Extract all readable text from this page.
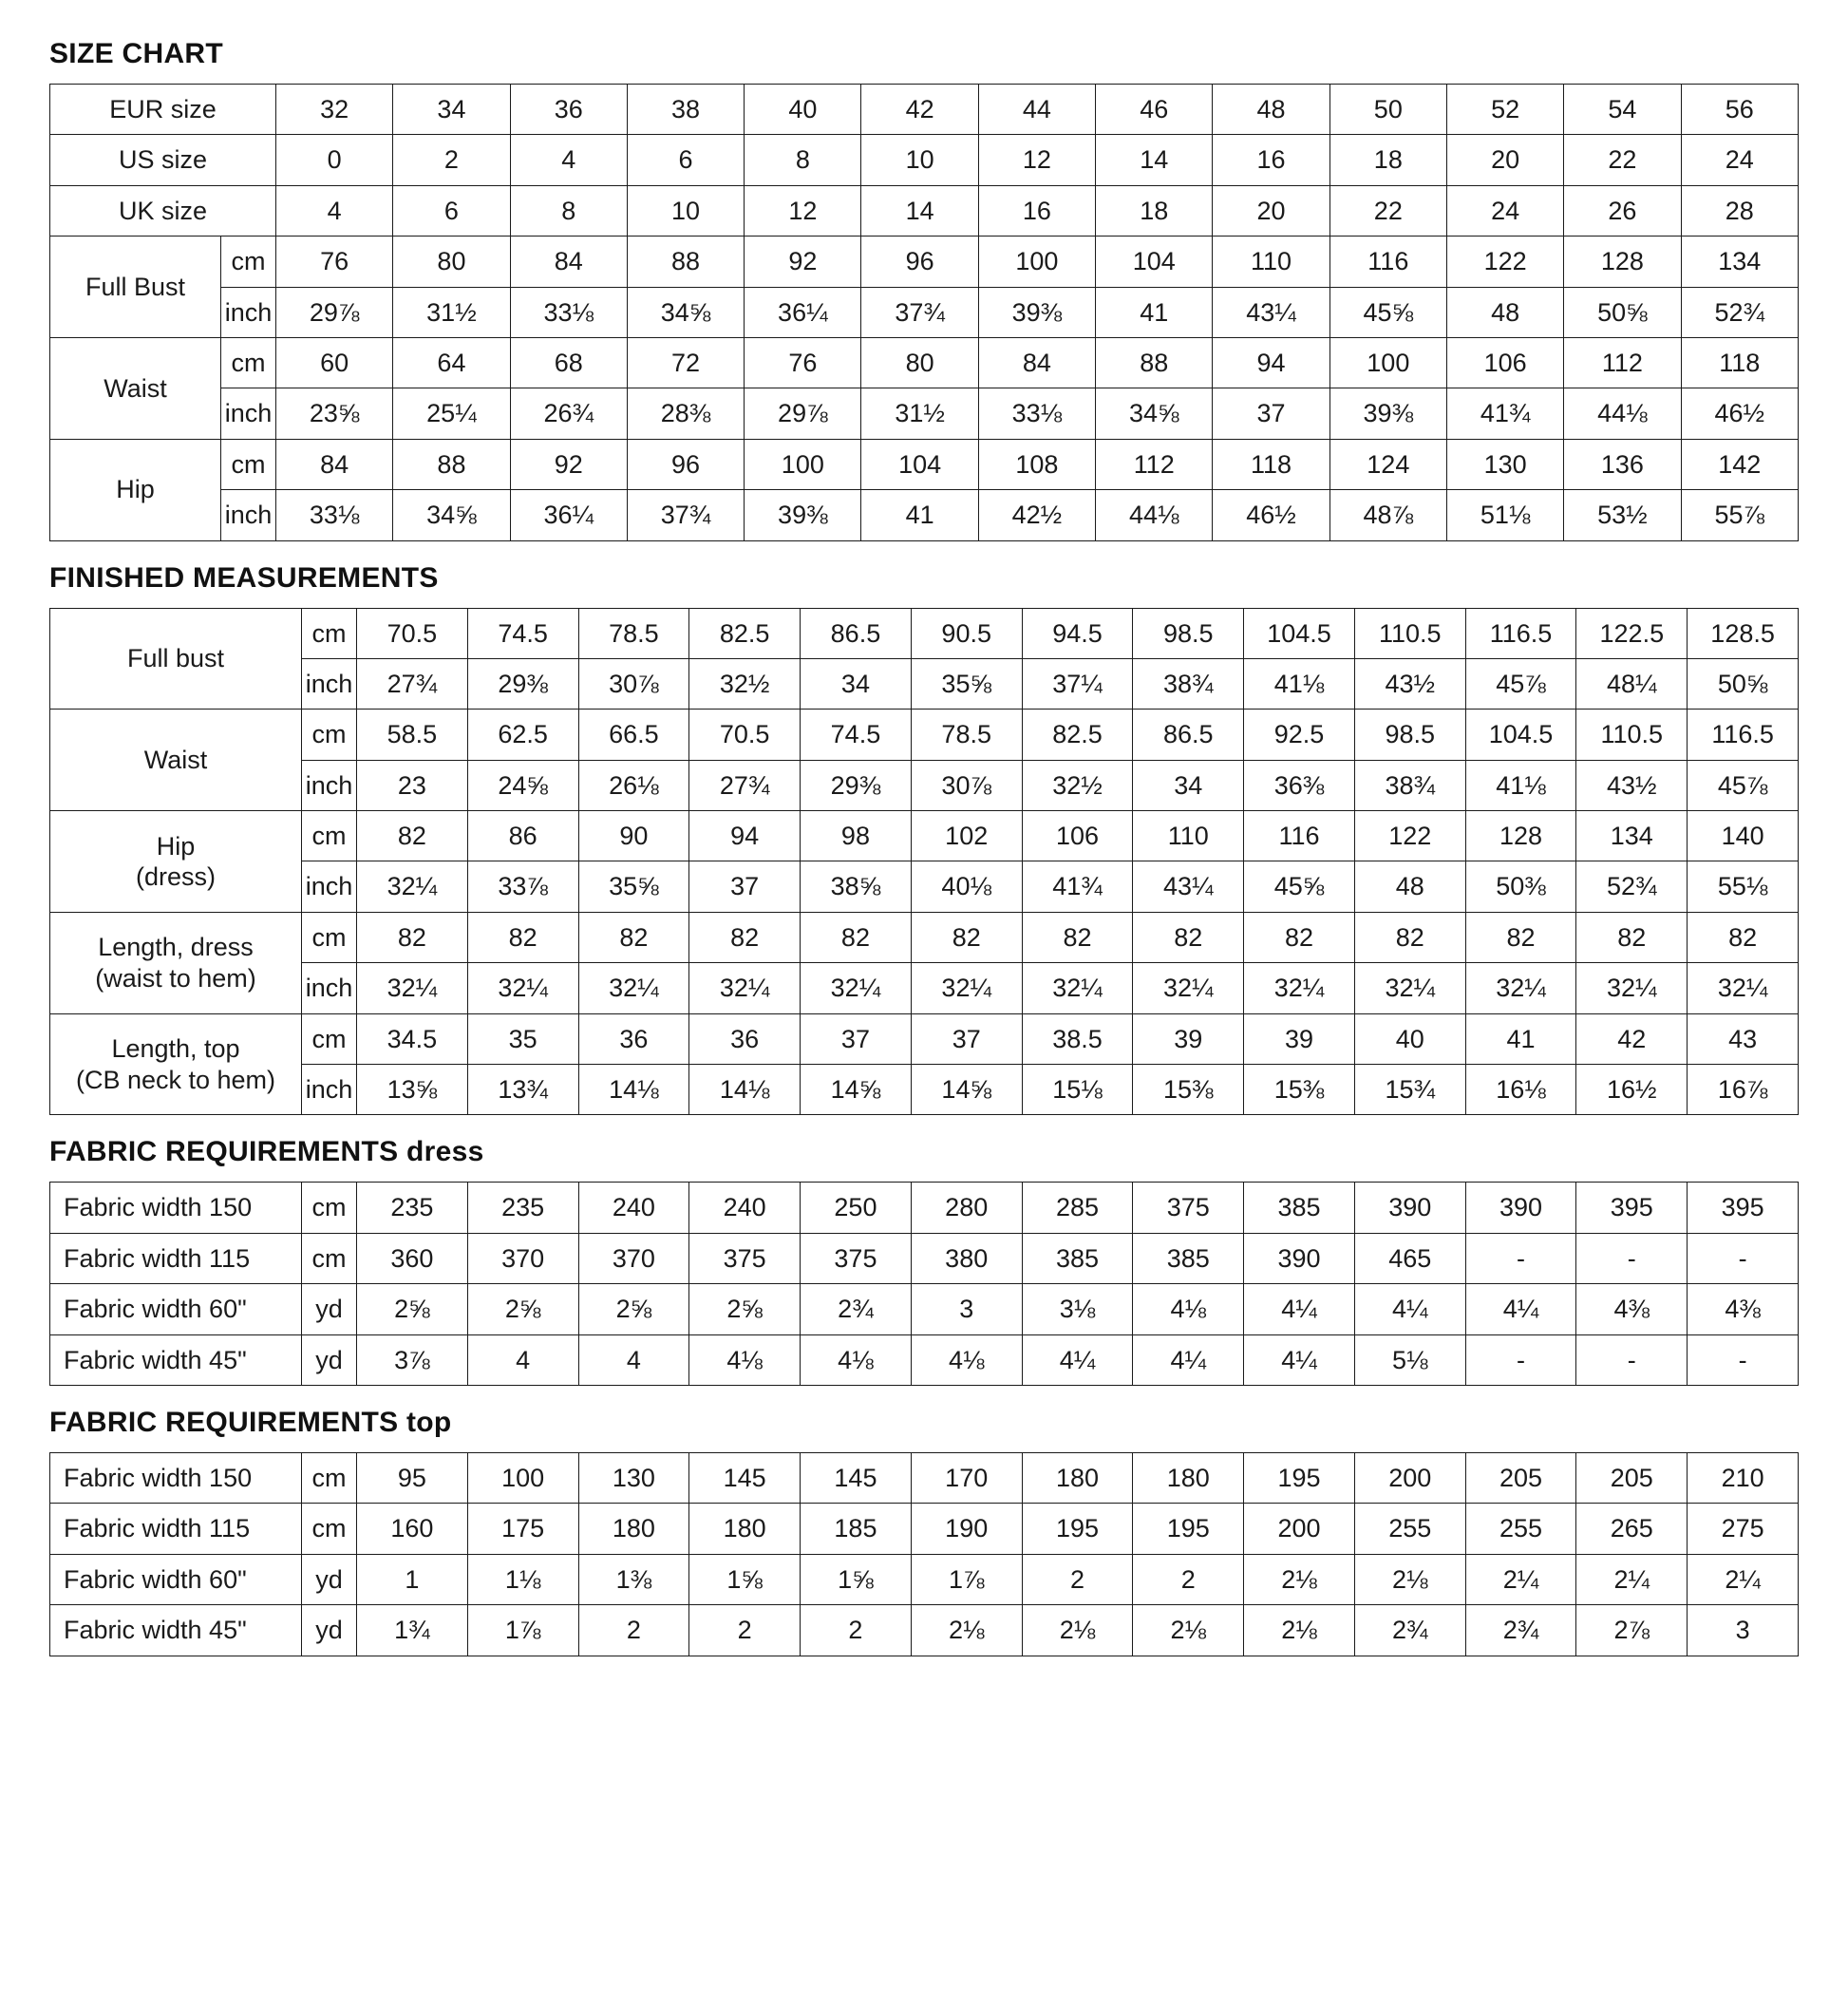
SIZE CHART
EUR size		32	34	36	38	40	42	44	46	48	50	52	54	56
US size		0	2	4	6	8	10	12	14	16	18	20	22	24
UK size		4	6	8	10	12	14	16	18	20	22	24	26	28
Full Bust	cm	76	80	84	88	92	96	100	104	110	116	122	128	134
	inch	29⅞	31½	33⅛	34⅝	36¼	37¾	39⅜	41	43¼	45⅝	48	50⅝	52¾
Waist	cm	60	64	68	72	76	80	84	88	94	100	106	112	118
	inch	23⅝	25¼	26¾	28⅜	29⅞	31½	33⅛	34⅝	37	39⅜	41¾	44⅛	46½
Hip	cm	84	88	92	96	100	104	108	112	118	124	130	136	142
	inch	33⅛	34⅝	36¼	37¾	39⅜	41	42½	44⅛	46½	48⅞	51⅛	53½	55⅞
FINISHED MEASUREMENTS
Full bust	cm	70.5	74.5	78.5	82.5	86.5	90.5	94.5	98.5	104.5	110.5	116.5	122.5	128.5
	inch	27¾	29⅜	30⅞	32½	34	35⅝	37¼	38¾	41⅛	43½	45⅞	48¼	50⅝
Waist	cm	58.5	62.5	66.5	70.5	74.5	78.5	82.5	86.5	92.5	98.5	104.5	110.5	116.5
	inch	23	24⅝	26⅛	27¾	29⅜	30⅞	32½	34	36⅜	38¾	41⅛	43½	45⅞
Hip
(dress)	cm	82	86	90	94	98	102	106	110	116	122	128	134	140
	inch	32¼	33⅞	35⅝	37	38⅝	40⅛	41¾	43¼	45⅝	48	50⅜	52¾	55⅛
Length, dress
(waist to hem)	cm	82	82	82	82	82	82	82	82	82	82	82	82	82
	inch	32¼	32¼	32¼	32¼	32¼	32¼	32¼	32¼	32¼	32¼	32¼	32¼	32¼
Length, top
(CB neck to hem)	cm	34.5	35	36	36	37	37	38.5	39	39	40	41	42	43
	inch	13⅝	13¾	14⅛	14⅛	14⅝	14⅝	15⅛	15⅜	15⅜	15¾	16⅛	16½	16⅞
FABRIC REQUIREMENTS dress
Fabric width 150	cm	235	235	240	240	250	280	285	375	385	390	390	395	395
Fabric width 115	cm	360	370	370	375	375	380	385	385	390	465	-	-	-
Fabric width 60"	yd	2⅝	2⅝	2⅝	2⅝	2¾	3	3⅛	4⅛	4¼	4¼	4¼	4⅜	4⅜
Fabric width 45"	yd	3⅞	4	4	4⅛	4⅛	4⅛	4¼	4¼	4¼	5⅛	-	-	-
FABRIC REQUIREMENTS top
Fabric width 150	cm	95	100	130	145	145	170	180	180	195	200	205	205	210
Fabric width 115	cm	160	175	180	180	185	190	195	195	200	255	255	265	275
Fabric width 60"	yd	1	1⅛	1⅜	1⅝	1⅝	1⅞	2	2	2⅛	2⅛	2¼	2¼	2¼
Fabric width 45"	yd	1¾	1⅞	2	2	2	2⅛	2⅛	2⅛	2⅛	2¾	2¾	2⅞	3
